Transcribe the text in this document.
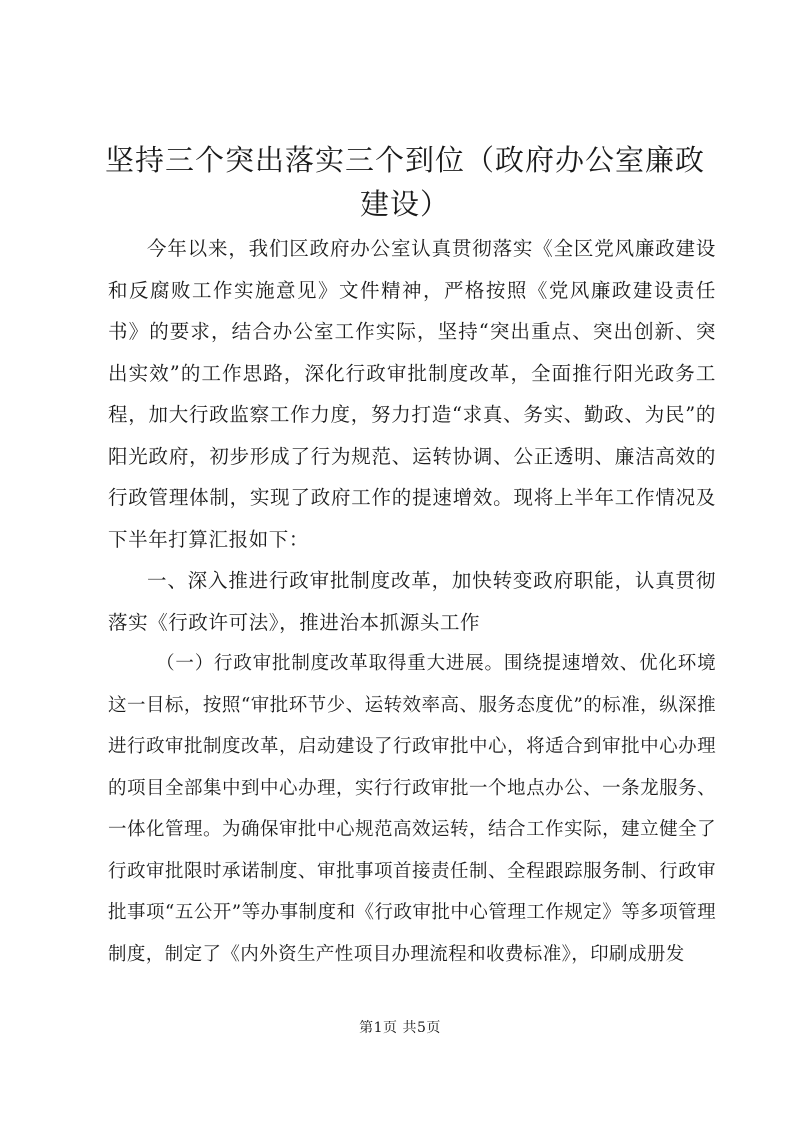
坚持三个突出落实三个到位（政府办公室廉政建设）

今年以来，我们区政府办公室认真贯彻落实《全区党风廉政建设和反腐败工作实施意见》文件精神，严格按照《党风廉政建设责任书》的要求，结合办公室工作实际，坚持“突出重点、突出创新、突出实效”的工作思路，深化行政审批制度改革，全面推行阳光政务工程，加大行政监察工作力度，努力打造“求真、务实、勤政、为民”的阳光政府，初步形成了行为规范、运转协调、公正透明、廉洁高效的行政管理体制，实现了政府工作的提速增效。现将上半年工作情况及下半年打算汇报如下：

一、深入推进行政审批制度改革，加快转变政府职能，认真贯彻落实《行政许可法》，推进治本抓源头工作

（一）行政审批制度改革取得重大进展。围绕提速增效、优化环境这一目标，按照“审批环节少、运转效率高、服务态度优”的标准，纵深推进行政审批制度改革，启动建设了行政审批中心，将适合到审批中心办理的项目全部集中到中心办理，实行行政审批一个地点办公、一条龙服务、一体化管理。为确保审批中心规范高效运转，结合工作实际，建立健全了行政审批限时承诺制度、审批事项首接责任制、全程跟踪服务制、行政审批事项“五公开”等办事制度和《行政审批中心管理工作规定》等多项管理制度，制定了《内外资生产性项目办理流程和收费标准》，印刷成册发

第1页 共5页
